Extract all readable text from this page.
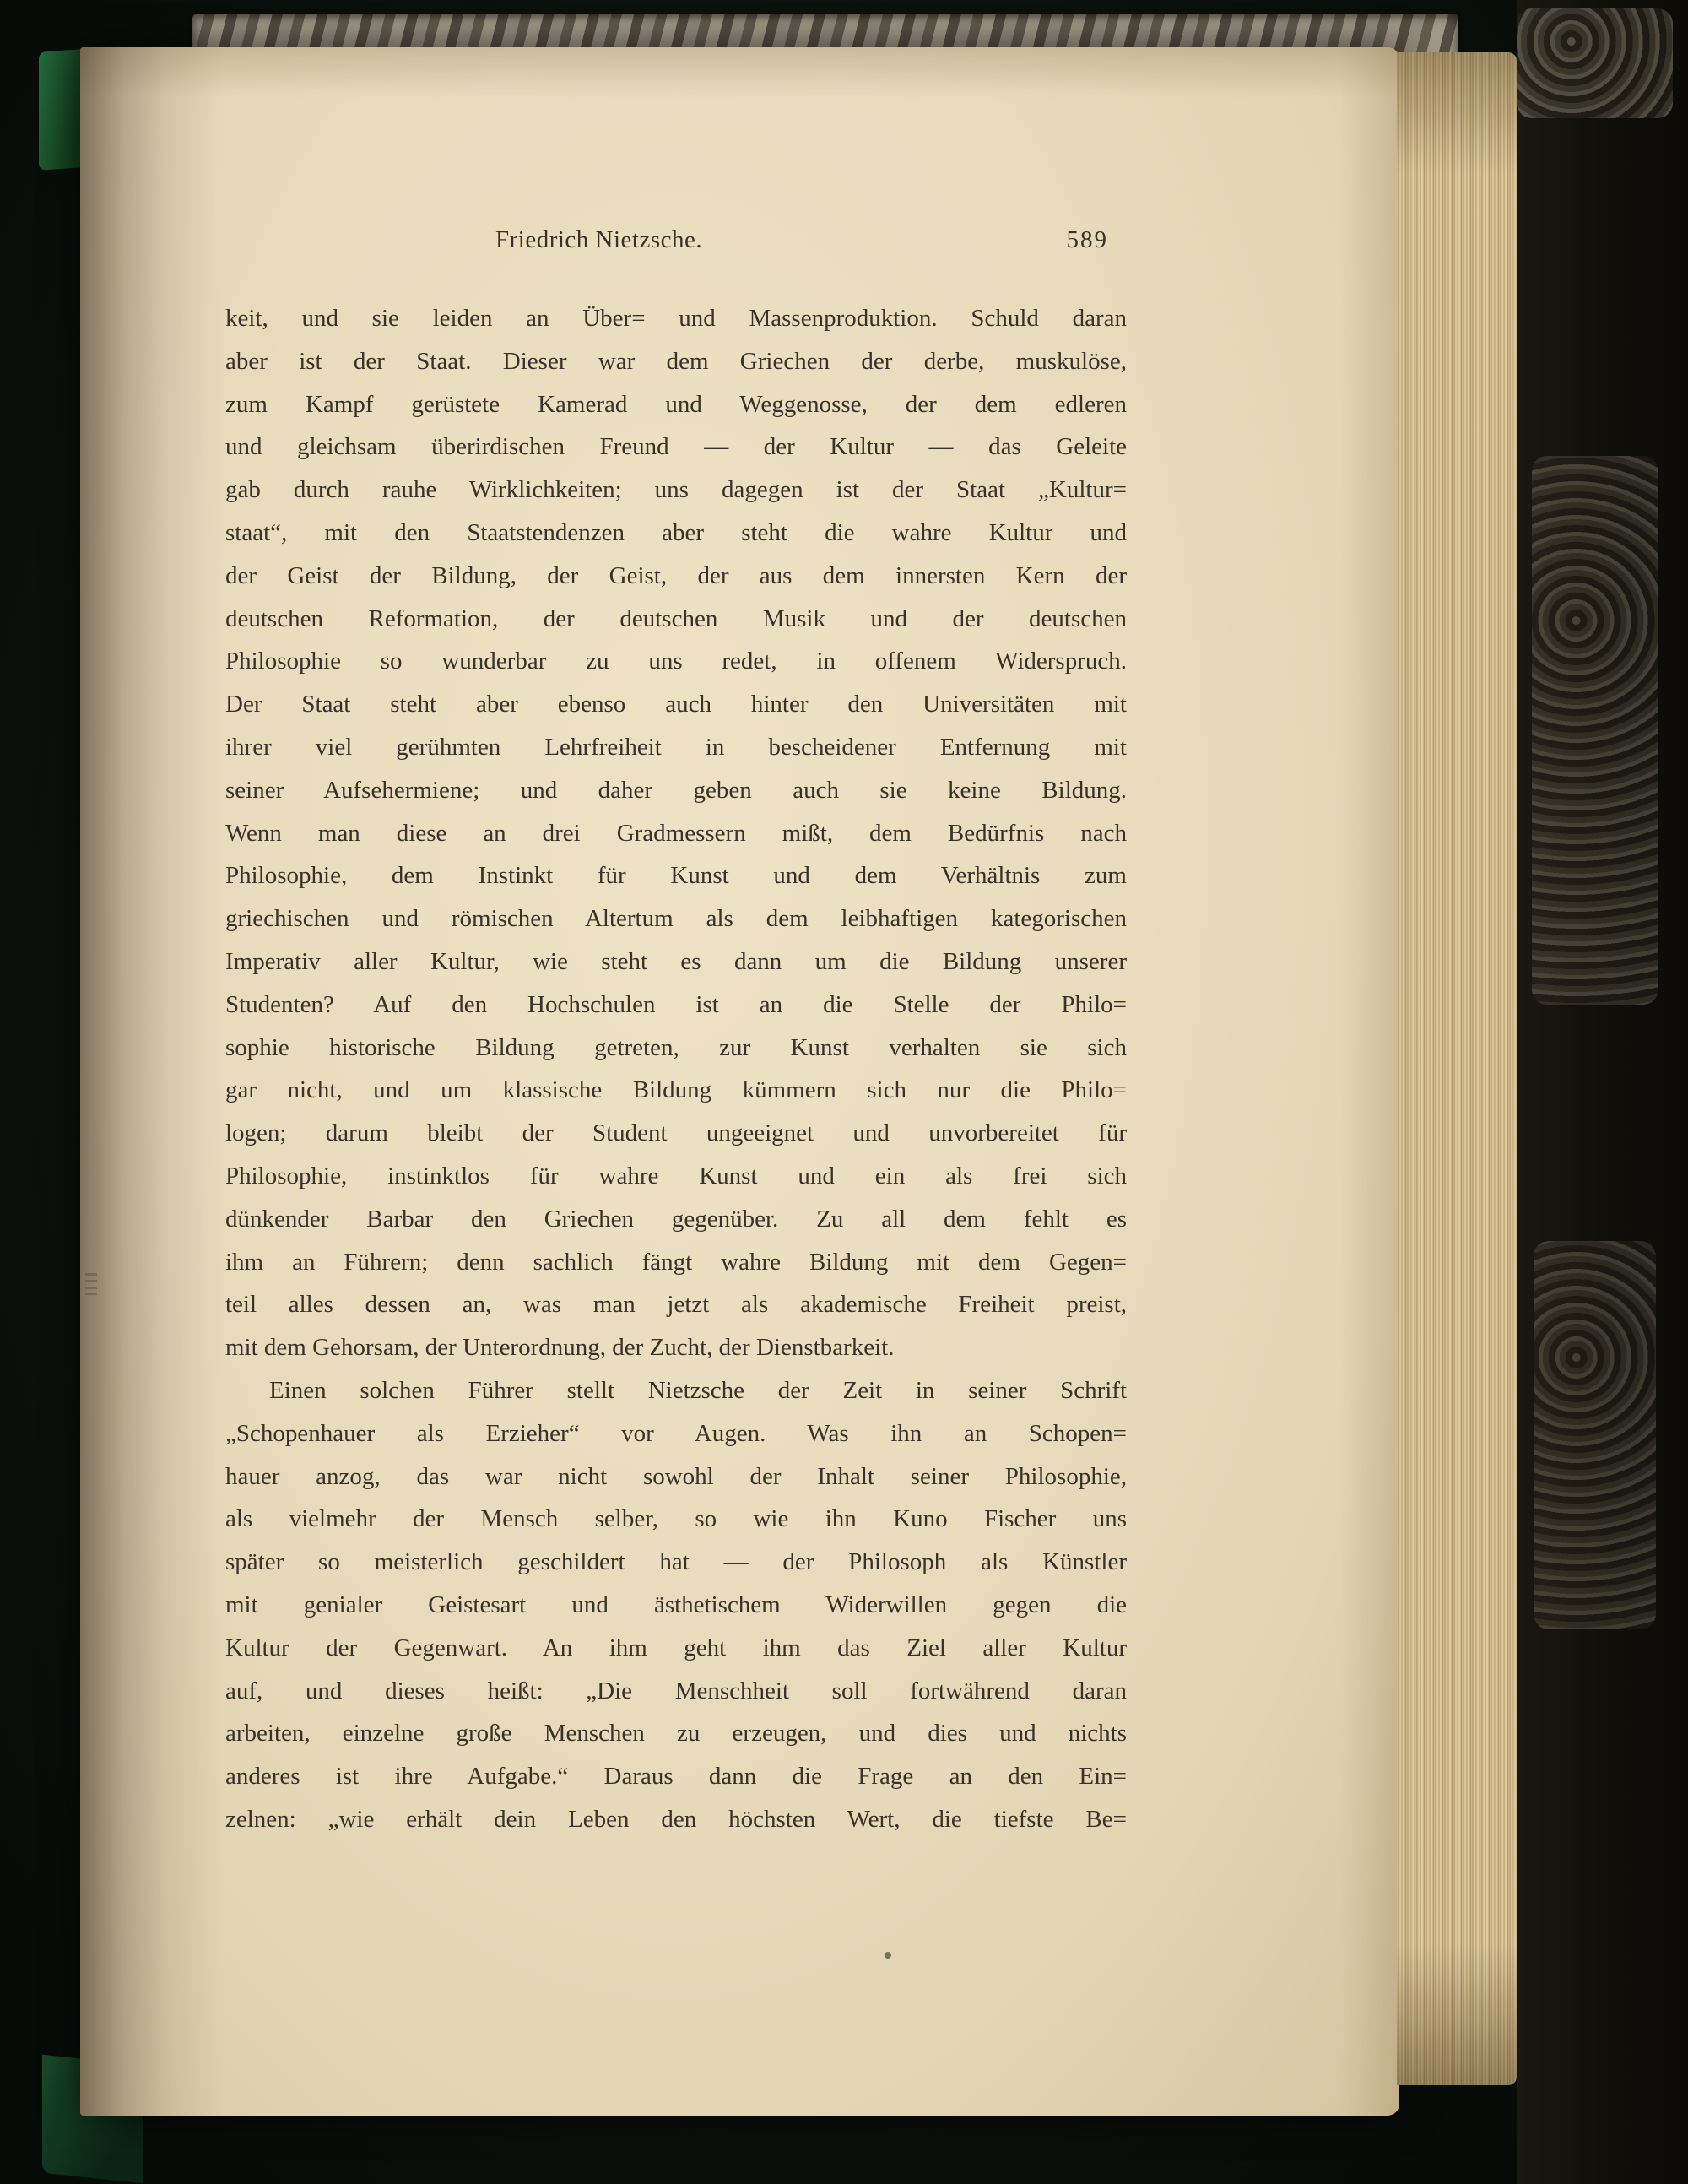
Friedrich Nietzsche.	589
keit, und sie leiden an Über= und Massenproduktion. Schuld daran
aber ist der Staat. Dieser war dem Griechen der derbe, muskulöse,
zum Kampf gerüstete Kamerad und Weggenosse, der dem edleren
und gleichsam überirdischen Freund — der Kultur — das Geleite
gab durch rauhe Wirklichkeiten; uns dagegen ist der Staat „Kultur=
staat“, mit den Staatstendenzen aber steht die wahre Kultur und
der Geist der Bildung, der Geist, der aus dem innersten Kern der
deutschen Reformation, der deutschen Musik und der deutschen
Philosophie so wunderbar zu uns redet, in offenem Widerspruch.
Der Staat steht aber ebenso auch hinter den Universitäten mit
ihrer viel gerühmten Lehrfreiheit in bescheidener Entfernung mit
seiner Aufsehermiene; und daher geben auch sie keine Bildung.
Wenn man diese an drei Gradmessern mißt, dem Bedürfnis nach
Philosophie, dem Instinkt für Kunst und dem Verhältnis zum
griechischen und römischen Altertum als dem leibhaftigen kategorischen
Imperativ aller Kultur, wie steht es dann um die Bildung unserer
Studenten? Auf den Hochschulen ist an die Stelle der Philo=
sophie historische Bildung getreten, zur Kunst verhalten sie sich
gar nicht, und um klassische Bildung kümmern sich nur die Philo=
logen; darum bleibt der Student ungeeignet und unvorbereitet für
Philosophie, instinktlos für wahre Kunst und ein als frei sich
dünkender Barbar den Griechen gegenüber. Zu all dem fehlt es
ihm an Führern; denn sachlich fängt wahre Bildung mit dem Gegen=
teil alles dessen an, was man jetzt als akademische Freiheit preist,
mit dem Gehorsam, der Unterordnung, der Zucht, der Dienstbarkeit.
Einen solchen Führer stellt Nietzsche der Zeit in seiner Schrift
„Schopenhauer als Erzieher“ vor Augen. Was ihn an Schopen=
hauer anzog, das war nicht sowohl der Inhalt seiner Philosophie,
als vielmehr der Mensch selber, so wie ihn Kuno Fischer uns
später so meisterlich geschildert hat — der Philosoph als Künstler
mit genialer Geistesart und ästhetischem Widerwillen gegen die
Kultur der Gegenwart. An ihm geht ihm das Ziel aller Kultur
auf, und dieses heißt: „Die Menschheit soll fortwährend daran
arbeiten, einzelne große Menschen zu erzeugen, und dies und nichts
anderes ist ihre Aufgabe.“ Daraus dann die Frage an den Ein=
zelnen: „wie erhält dein Leben den höchsten Wert, die tiefste Be=
